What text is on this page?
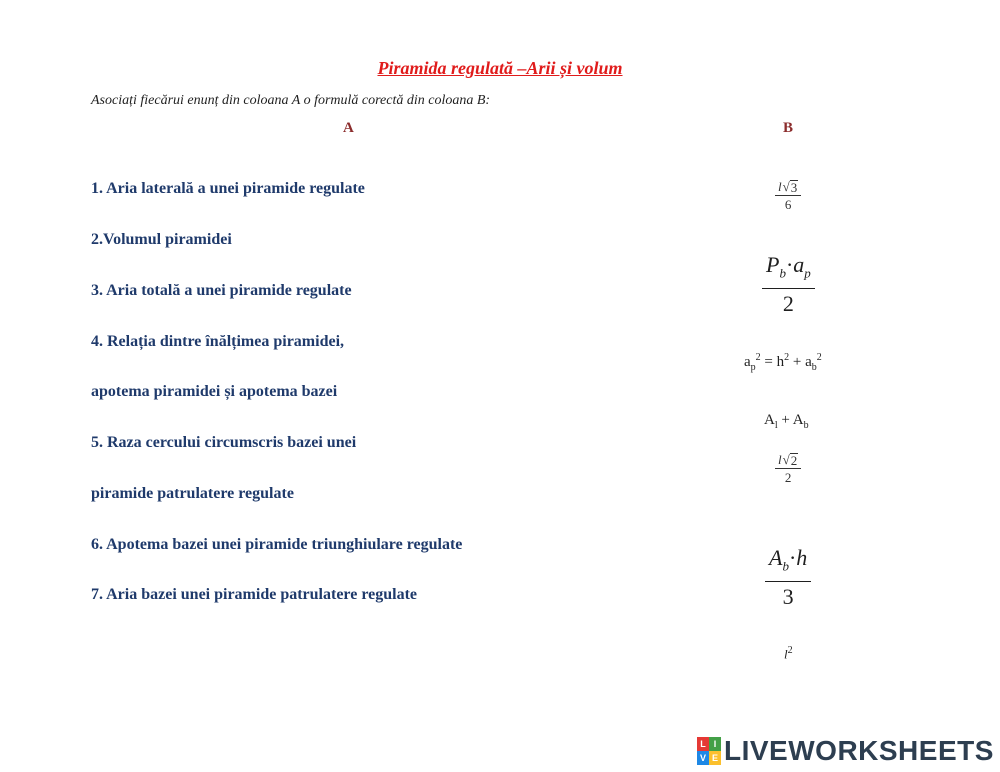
Piramida regulată –Arii și volum
Asociați fiecărui enunț din coloana A o formulă corectă din coloana B:
A	B
1. Aria laterală a unei piramide regulate
2.Volumul piramidei
3. Aria totală a unei piramide regulate
4. Relația dintre înălțimea piramidei,
apotema piramidei și apotema bazei
5. Raza cercului circumscris bazei unei
piramide patrulatere regulate
6. Apotema bazei unei piramide triunghiulare regulate
7. Aria bazei unei piramide patrulatere regulate
$\frac{l √ 3}{6}$
$\frac{P_b\cdot a_p}{2}$
$a_p^2 = h^2 + a_b^2$
$A_l + A_b$
$\frac{l √ 2}{2}$
$\frac{A_b\cdot h}{3}$
$l^2$
L I
V E LIVEWORKSHEETS
